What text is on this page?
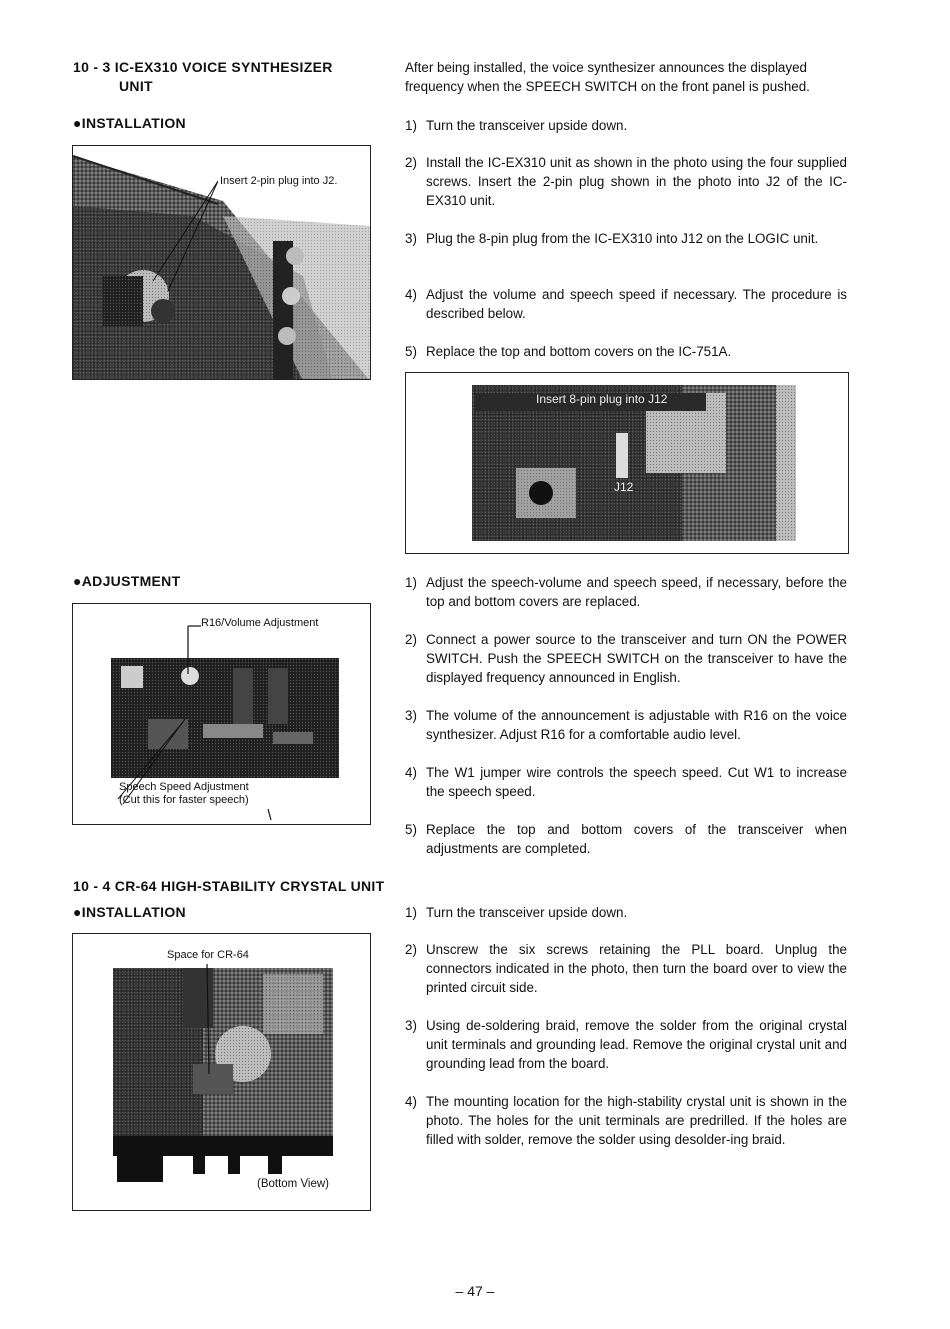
10 - 3 IC-EX310 VOICE SYNTHESIZER
UNIT
After being installed, the voice synthesizer announces the displayed
frequency when the SPEECH SWITCH on the front panel is pushed.
●INSTALLATION
Insert 2-pin plug into J2.
1) Turn the transceiver upside down.
2) Install the IC-EX310 unit as shown in the photo using the four supplied screws. Insert the 2-pin plug shown in the photo into J2 of the IC-EX310 unit.
3) Plug the 8-pin plug from the IC-EX310 into J12 on the LOGIC unit.
4) Adjust the volume and speech speed if necessary. The procedure is described below.
5) Replace the top and bottom covers on the IC-751A.
Insert 8-pin plug into J12
J12
●ADJUSTMENT
R16/Volume Adjustment
Speech Speed Adjustment
(Cut this for faster speech)
1) Adjust the speech-volume and speech speed, if necessary, before the top and bottom covers are replaced.
2) Connect a power source to the transceiver and turn ON the POWER SWITCH. Push the SPEECH SWITCH on the transceiver to have the displayed frequency announced in English.
3) The volume of the announcement is adjustable with R16 on the voice synthesizer. Adjust R16 for a comfortable audio level.
4) The W1 jumper wire controls the speech speed. Cut W1 to increase the speech speed.
5) Replace the top and bottom covers of the transceiver when adjustments are completed.
10 - 4 CR-64 HIGH-STABILITY CRYSTAL UNIT
●INSTALLATION
Space for CR-64
(Bottom View)
1) Turn the transceiver upside down.
2) Unscrew the six screws retaining the PLL board. Unplug the connectors indicated in the photo, then turn the board over to view the printed circuit side.
3) Using de-soldering braid, remove the solder from the original crystal unit terminals and grounding lead. Remove the original crystal unit and grounding lead from the board.
4) The mounting location for the high-stability crystal unit is shown in the photo. The holes for the unit terminals are predrilled. If the holes are filled with solder, remove the solder using desolder-ing braid.
– 47 –
